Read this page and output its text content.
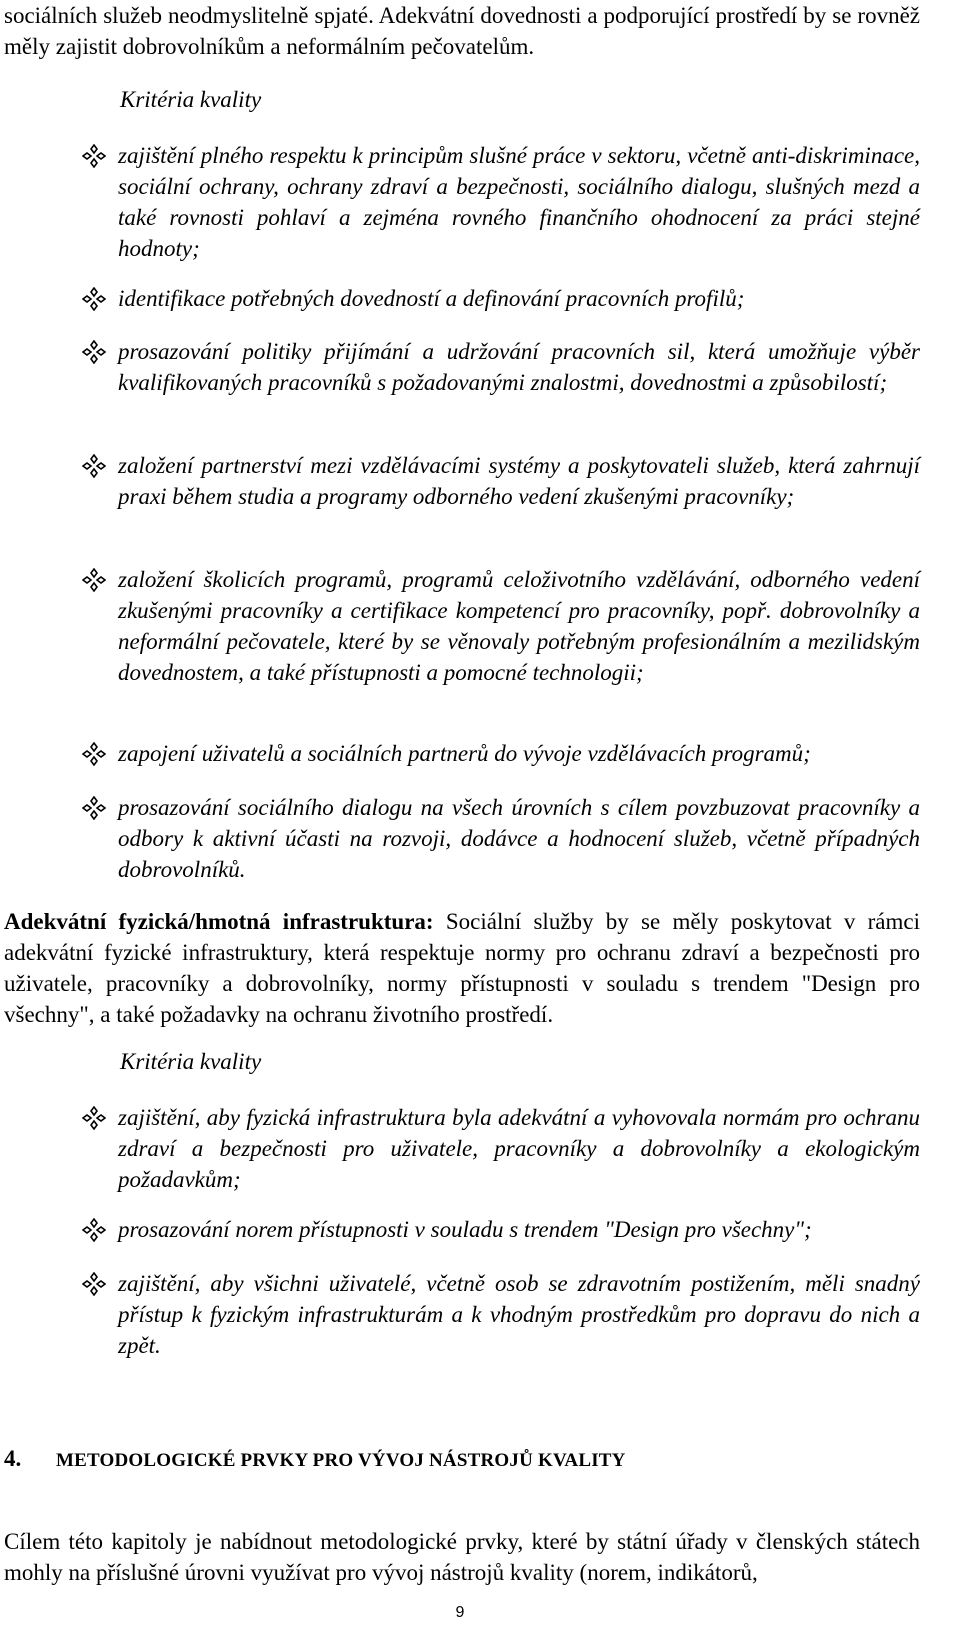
sociálních služeb neodmyslitelně spjaté. Adekvátní dovednosti a podporující prostředí by se rovněž měly zajistit dobrovolníkům a neformálním pečovatelům.

Kritéria kvality

zajištění plného respektu k principům slušné práce v sektoru, včetně anti-diskriminace, sociální ochrany, ochrany zdraví a bezpečnosti, sociálního dialogu, slušných mezd a také rovnosti pohlaví a zejména rovného finančního ohodnocení za práci stejné hodnoty;
identifikace potřebných dovedností a definování pracovních profilů;
prosazování politiky přijímání a udržování pracovních sil, která umožňuje výběr kvalifikovaných pracovníků s požadovanými znalostmi, dovednostmi a způsobilostí;
založení partnerství mezi vzdělávacími systémy a poskytovateli služeb, která zahrnují praxi během studia a programy odborného vedení zkušenými pracovníky;
založení školicích programů, programů celoživotního vzdělávání, odborného vedení zkušenými pracovníky a certifikace kompetencí pro pracovníky, popř. dobrovolníky a neformální pečovatele, které by se věnovaly potřebným profesionálním a mezilidským dovednostem, a také přístupnosti a pomocné technologii;
zapojení uživatelů a sociálních partnerů do vývoje vzdělávacích programů;
prosazování sociálního dialogu na všech úrovních s cílem povzbuzovat pracovníky a odbory k aktivní účasti na rozvoji, dodávce a hodnocení služeb, včetně případných dobrovolníků.

Adekvátní fyzická/hmotná infrastruktura: Sociální služby by se měly poskytovat v rámci adekvátní fyzické infrastruktury, která respektuje normy pro ochranu zdraví a bezpečnosti pro uživatele, pracovníky a dobrovolníky, normy přístupnosti v souladu s trendem "Design pro všechny", a také požadavky na ochranu životního prostředí.

Kritéria kvality

zajištění, aby fyzická infrastruktura byla adekvátní a vyhovovala normám pro ochranu zdraví a bezpečnosti pro uživatele, pracovníky a dobrovolníky a ekologickým požadavkům;
prosazování norem přístupnosti v souladu s trendem "Design pro všechny";
zajištění, aby všichni uživatelé, včetně osob se zdravotním postižením, měli snadný přístup k fyzickým infrastrukturám a k vhodným prostředkům pro dopravu do nich a zpět.
4.	METODOLOGICKÉ PRVKY PRO VÝVOJ NÁSTROJŮ KVALITY

Cílem této kapitoly je nabídnout metodologické prvky, které by státní úřady v členských státech mohly na příslušné úrovni využívat pro vývoj nástrojů kvality (norem, indikátorů,

9
